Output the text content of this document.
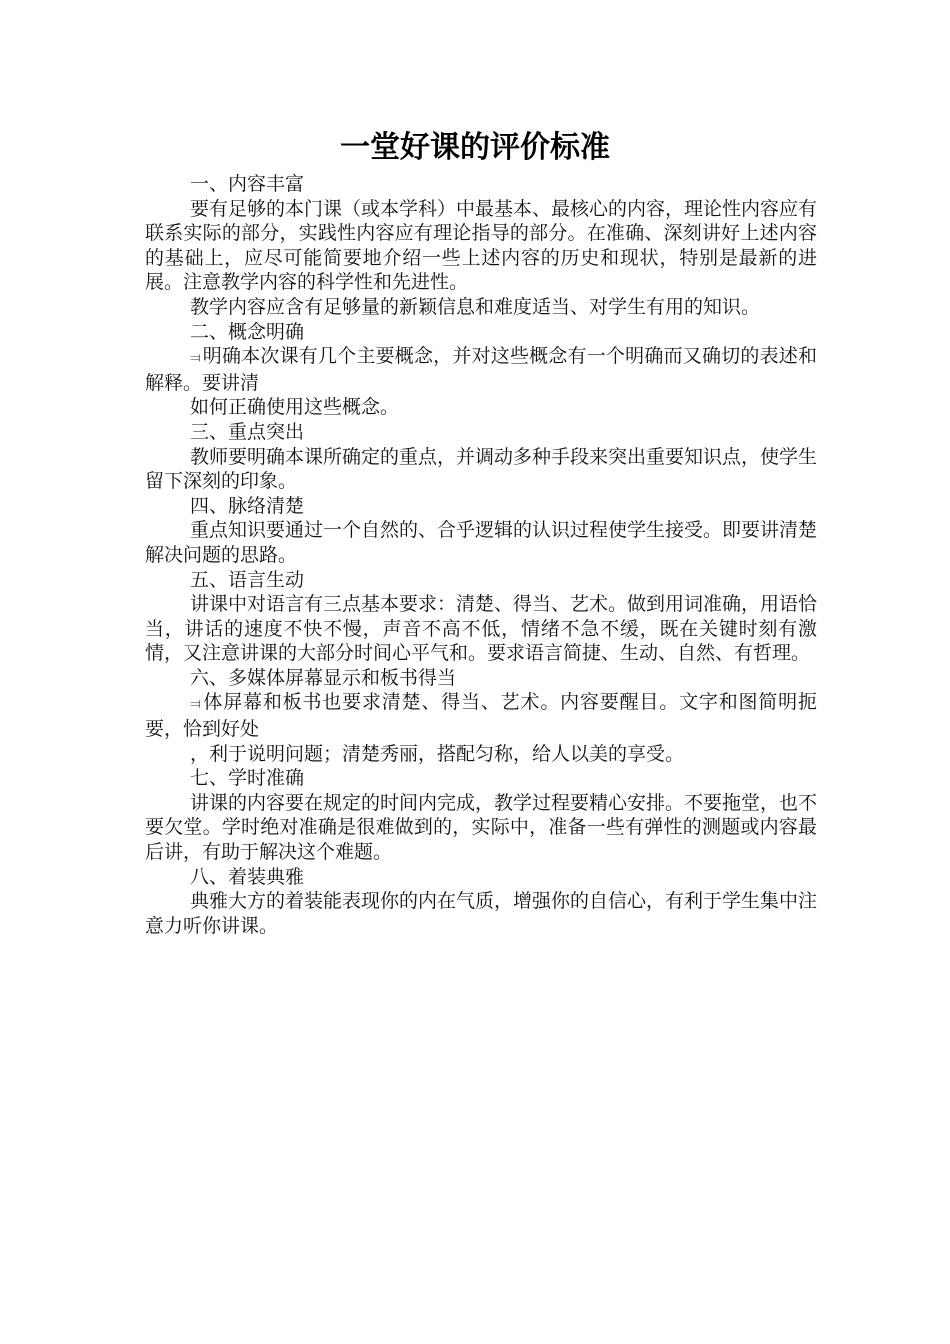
一堂好课的评价标准

一、内容丰富

要有足够的本门课（或本学科）中最基本、最核心的内容，理论性内容应有联系实际的部分，实践性内容应有理论指导的部分。在准确、深刻讲好上述内容的基础上，应尽可能简要地介绍一些上述内容的历史和现状，特别是最新的进展。注意教学内容的科学性和先进性。

教学内容应含有足够量的新颖信息和难度适当、对学生有用的知识。

二、概念明确

⫤ 明确本次课有几个主要概念，并对这些概念有一个明确而又确切的表述和解释。要讲清

如何正确使用这些概念。

三、重点突出

教师要明确本课所确定的重点，并调动多种手段来突出重要知识点，使学生留下深刻的印象。

四、脉络清楚

重点知识要通过一个自然的、合乎逻辑的认识过程使学生接受。即要讲清楚解决问题的思路。

五、语言生动

讲课中对语言有三点基本要求：清楚、得当、艺术。做到用词准确，用语恰当，讲话的速度不快不慢，声音不高不低，情绪不急不缓，既在关键时刻有激情，又注意讲课的大部分时间心平气和。要求语言简捷、生动、自然、有哲理。

六、多媒体屏幕显示和板书得当

⫤ 体屏幕和板书也要求清楚、得当、艺术。内容要醒目。文字和图简明扼要，恰到好处

，利于说明问题；清楚秀丽，搭配匀称，给人以美的享受。

七、学时准确

讲课的内容要在规定的时间内完成，教学过程要精心安排。不要拖堂，也不要欠堂。学时绝对准确是很难做到的，实际中，准备一些有弹性的测题或内容最后讲，有助于解决这个难题。

八、着装典雅

典雅大方的着装能表现你的内在气质，增强你的自信心，有利于学生集中注意力听你讲课。
